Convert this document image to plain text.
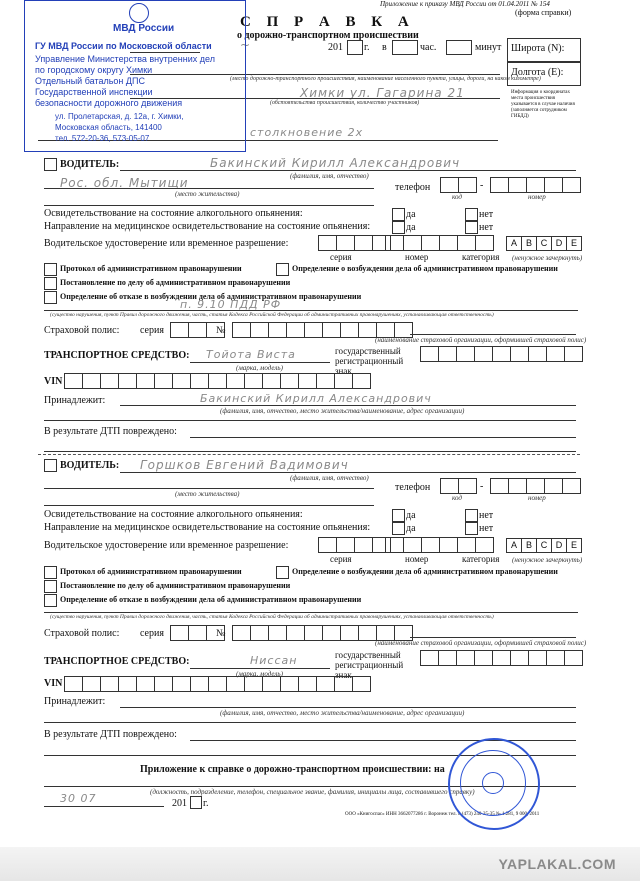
Приложение к приказу МВД России от 01.04.2011 № 154
(форма справки)
С П Р А В К А
о дорожно-транспортном происшествии
~	201 г. в	час.	минут Широта (N):
Долгота (E):
Информация о координатах места происшествия указывается в случае наличия (заполняется сотрудником ГИБДД)
(место дорожно-транспортного происшествия, наименование населенного пункта, улицы, дороги, на каком километре)
Химки ул. Гагарина 21
(обстоятельства происшествия, количество участников)
столкновение 2х
МВД России
ГУ МВД России по Московской области
Управление Министерства внутренних дел
по городскому округу Химки
Отдельный батальон ДПС
Государственной инспекции
безопасности дорожного движения
ул. Пролетарская, д. 12а, г. Химки,
Московская область, 141400
тел. 572-20-36, 573-05-07
ВОДИТЕЛЬ:	Бакинский Кирилл Александрович
(фамилия, имя, отчество)
Рос. обл. Мытищи
(место жительства)
телефон	-
код	номер
Освидетельствование на состояние алкогольного опьянения:
Направление на медицинское освидетельствование на состояние опьянения:
да	нет
да	нет
Водительское удостоверение или временное разрешение:	A B C D E
серия	номер	категория (ненужное зачеркнуть)
Протокол об административном правонарушении	Определение о возбуждении дела об административном правонарушении
Постановление по делу об административном правонарушении
Определение об отказе в возбуждении дела об административном правонарушении
п. 9.10 ПДД РФ
(существо нарушения, пункт Правил дорожного движения, часть, статья Кодекса Российской Федерации об административных правонарушениях, устанавливающая ответственность)
Страховой полис: серия	№
(наименование страховой организации, оформившей страховой полис)
ТРАНСПОРТНОЕ СРЕДСТВО: Тойота Виста
(марка, модель)
государственный регистрационный знак
VIN
Принадлежит:	Бакинский Кирилл Александрович
(фамилия, имя, отчество, место жительства/наименование, адрес организации)
В результате ДТП повреждено:
ВОДИТЕЛЬ: Горшков Евгений Вадимович
(фамилия, имя, отчество)
(место жительства)
телефон	-
код	номер
Освидетельствование на состояние алкогольного опьянения:
Направление на медицинское освидетельствование на состояние опьянения:
да	нет
да	нет
Водительское удостоверение или временное разрешение:	A B C D E
серия	номер	категория (ненужное зачеркнуть)
Протокол об административном правонарушении	Определение о возбуждении дела об административном правонарушении
Постановление по делу об административном правонарушении
Определение об отказе в возбуждении дела об административном правонарушении
(существо нарушения, пункт Правил дорожного движения, часть, статья Кодекса Российской Федерации об административных правонарушениях, устанавливающая ответственность)
Страховой полис: серия	№
(наименование страховой организации, оформившей страховой полис)
ТРАНСПОРТНОЕ СРЕДСТВО:	Ниссан
(марка, модель)
государственный регистрационный знак
VIN
Принадлежит:
(фамилия, имя, отчество, место жительства/наименование, адрес организации)
В результате ДТП повреждено:
Приложение к справке о дорожно-транспортном происшествии: на
(должность, подразделение, телефон, специальное звание, фамилия, инициалы лица, составившего справку)
30 07	201 г.
ООО «Книгоспас» ИНН 3662077286 г. Воронеж тел. 8 (473) 240-35-35 № 1.281, 9 000, 2011
YAPLAKAL.COM
